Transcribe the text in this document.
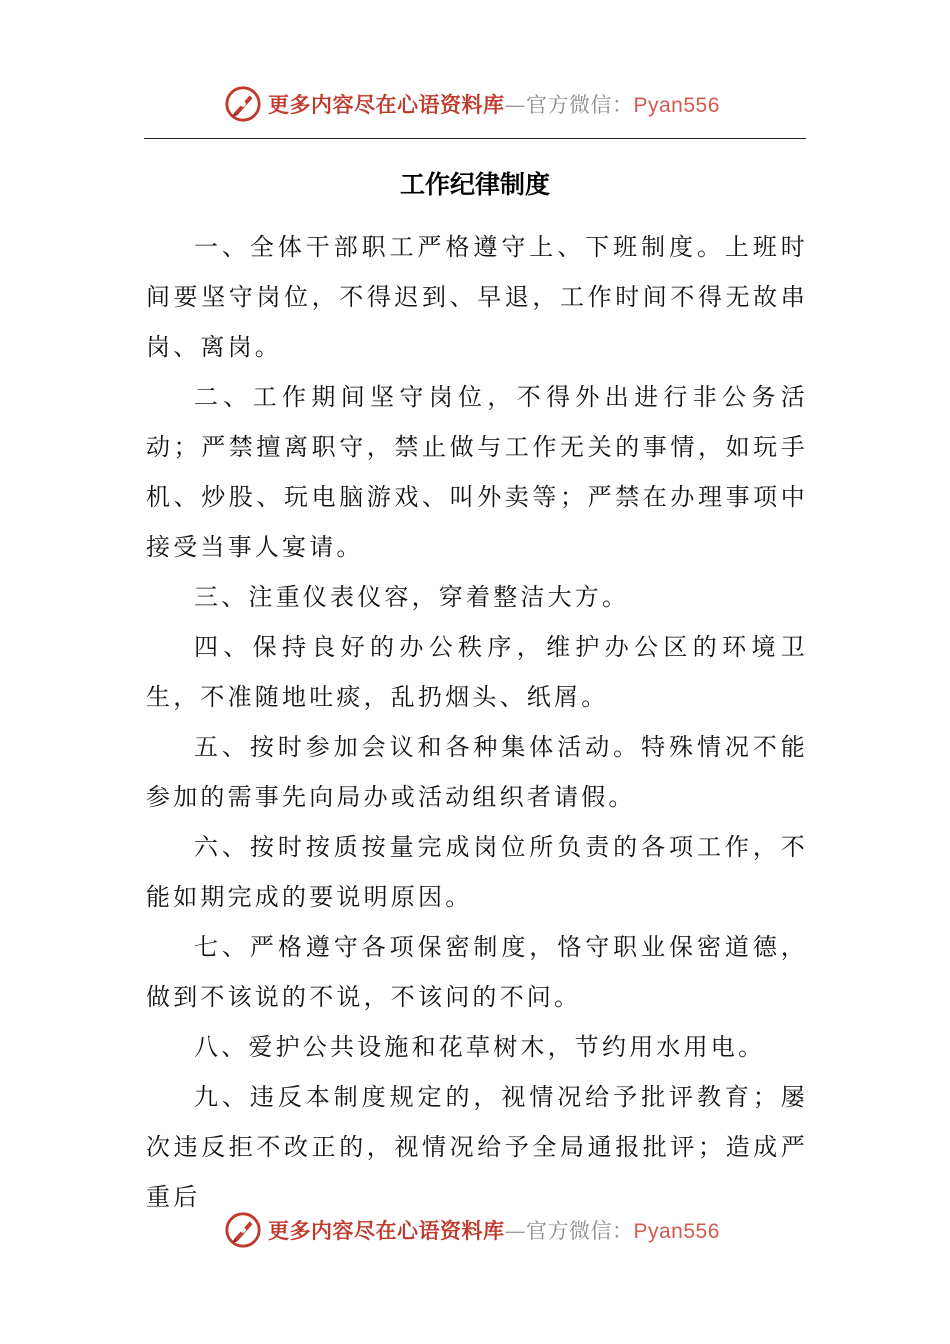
更多内容尽在心语资料库—官方微信：Pyan556
工作纪律制度

一、全体干部职工严格遵守上、下班制度。上班时间要坚守岗位，不得迟到、早退，工作时间不得无故串岗、离岗。

二、工作期间坚守岗位，不得外出进行非公务活动；严禁擅离职守，禁止做与工作无关的事情，如玩手机、炒股、玩电脑游戏、叫外卖等；严禁在办理事项中接受当事人宴请。

三、注重仪表仪容，穿着整洁大方。

四、保持良好的办公秩序，维护办公区的环境卫生，不准随地吐痰，乱扔烟头、纸屑。

五、按时参加会议和各种集体活动。特殊情况不能参加的需事先向局办或活动组织者请假。

六、按时按质按量完成岗位所负责的各项工作，不能如期完成的要说明原因。

七、严格遵守各项保密制度，恪守职业保密道德，做到不该说的不说，不该问的不问。

八、爱护公共设施和花草树木，节约用水用电。

九、违反本制度规定的，视情况给予批评教育；屡次违反拒不改正的，视情况给予全局通报批评；造成严重后

更多内容尽在心语资料库—官方微信：Pyan556
